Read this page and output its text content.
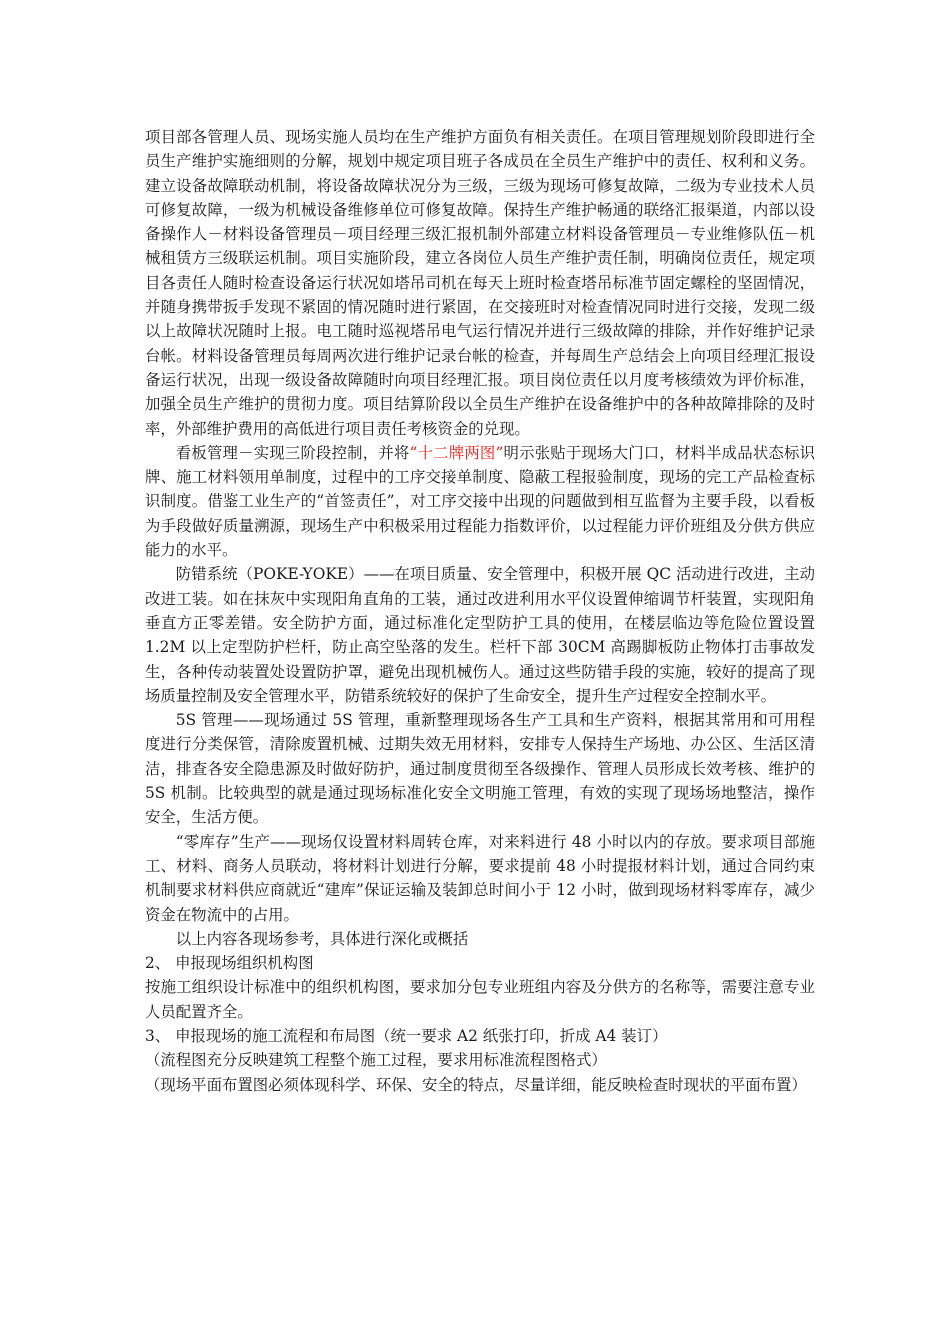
项目部各管理人员、现场实施人员均在生产维护方面负有相关责任。在项目管理规划阶段即进行全员生产维护实施细则的分解，规划中规定项目班子各成员在全员生产维护中的责任、权利和义务。建立设备故障联动机制，将设备故障状况分为三级，三级为现场可修复故障，二级为专业技术人员可修复故障，一级为机械设备维修单位可修复故障。保持生产维护畅通的联络汇报渠道，内部以设备操作人－材料设备管理员－项目经理三级汇报机制外部建立材料设备管理员－专业维修队伍－机械租赁方三级联运机制。项目实施阶段，建立各岗位人员生产维护责任制，明确岗位责任，规定项目各责任人随时检查设备运行状况如塔吊司机在每天上班时检查塔吊标准节固定螺栓的坚固情况，并随身携带扳手发现不紧固的情况随时进行紧固，在交接班时对检查情况同时进行交接，发现二级以上故障状况随时上报。电工随时巡视塔吊电气运行情况并进行三级故障的排除，并作好维护记录台帐。材料设备管理员每周两次进行维护记录台帐的检查，并每周生产总结会上向项目经理汇报设备运行状况，出现一级设备故障随时向项目经理汇报。项目岗位责任以月度考核绩效为评价标准，加强全员生产维护的贯彻力度。项目结算阶段以全员生产维护在设备维护中的各种故障排除的及时率，外部维护费用的高低进行项目责任考核资金的兑现。

看板管理－实现三阶段控制，并将“十二牌两图”明示张贴于现场大门口，材料半成品状态标识牌、施工材料领用单制度，过程中的工序交接单制度、隐蔽工程报验制度，现场的完工产品检查标识制度。借鉴工业生产的“首签责任”，对工序交接中出现的问题做到相互监督为主要手段，以看板为手段做好质量溯源，现场生产中积极采用过程能力指数评价，以过程能力评价班组及分供方供应能力的水平。

防错系统（POKE-YOKE）——在项目质量、安全管理中，积极开展 QC 活动进行改进，主动改进工装。如在抹灰中实现阳角直角的工装，通过改进利用水平仪设置伸缩调节杆装置，实现阳角垂直方正零差错。安全防护方面，通过标准化定型防护工具的使用，在楼层临边等危险位置设置 1.2M 以上定型防护栏杆，防止高空坠落的发生。栏杆下部 30CM 高踢脚板防止物体打击事故发生，各种传动装置处设置防护罩，避免出现机械伤人。通过这些防错手段的实施，较好的提高了现场质量控制及安全管理水平，防错系统较好的保护了生命安全，提升生产过程安全控制水平。

5S 管理——现场通过 5S 管理，重新整理现场各生产工具和生产资料，根据其常用和可用程度进行分类保管，清除废置机械、过期失效无用材料，安排专人保持生产场地、办公区、生活区清洁，排查各安全隐患源及时做好防护，通过制度贯彻至各级操作、管理人员形成长效考核、维护的 5S 机制。比较典型的就是通过现场标准化安全文明施工管理，有效的实现了现场场地整洁，操作安全，生活方便。

“零库存”生产——现场仅设置材料周转仓库，对来料进行 48 小时以内的存放。要求项目部施工、材料、商务人员联动，将材料计划进行分解，要求提前 48 小时提报材料计划，通过合同约束机制要求材料供应商就近“建库”保证运输及装卸总时间小于 12 小时，做到现场材料零库存，减少资金在物流中的占用。

以上内容各现场参考，具体进行深化或概括

2、 申报现场组织机构图

按施工组织设计标准中的组织机构图，要求加分包专业班组内容及分供方的名称等，需要注意专业人员配置齐全。

3、 申报现场的施工流程和布局图（统一要求 A2 纸张打印，折成 A4 装订）

（流程图充分反映建筑工程整个施工过程，要求用标准流程图格式）

（现场平面布置图必须体现科学、环保、安全的特点，尽量详细，能反映检查时现状的平面布置）
